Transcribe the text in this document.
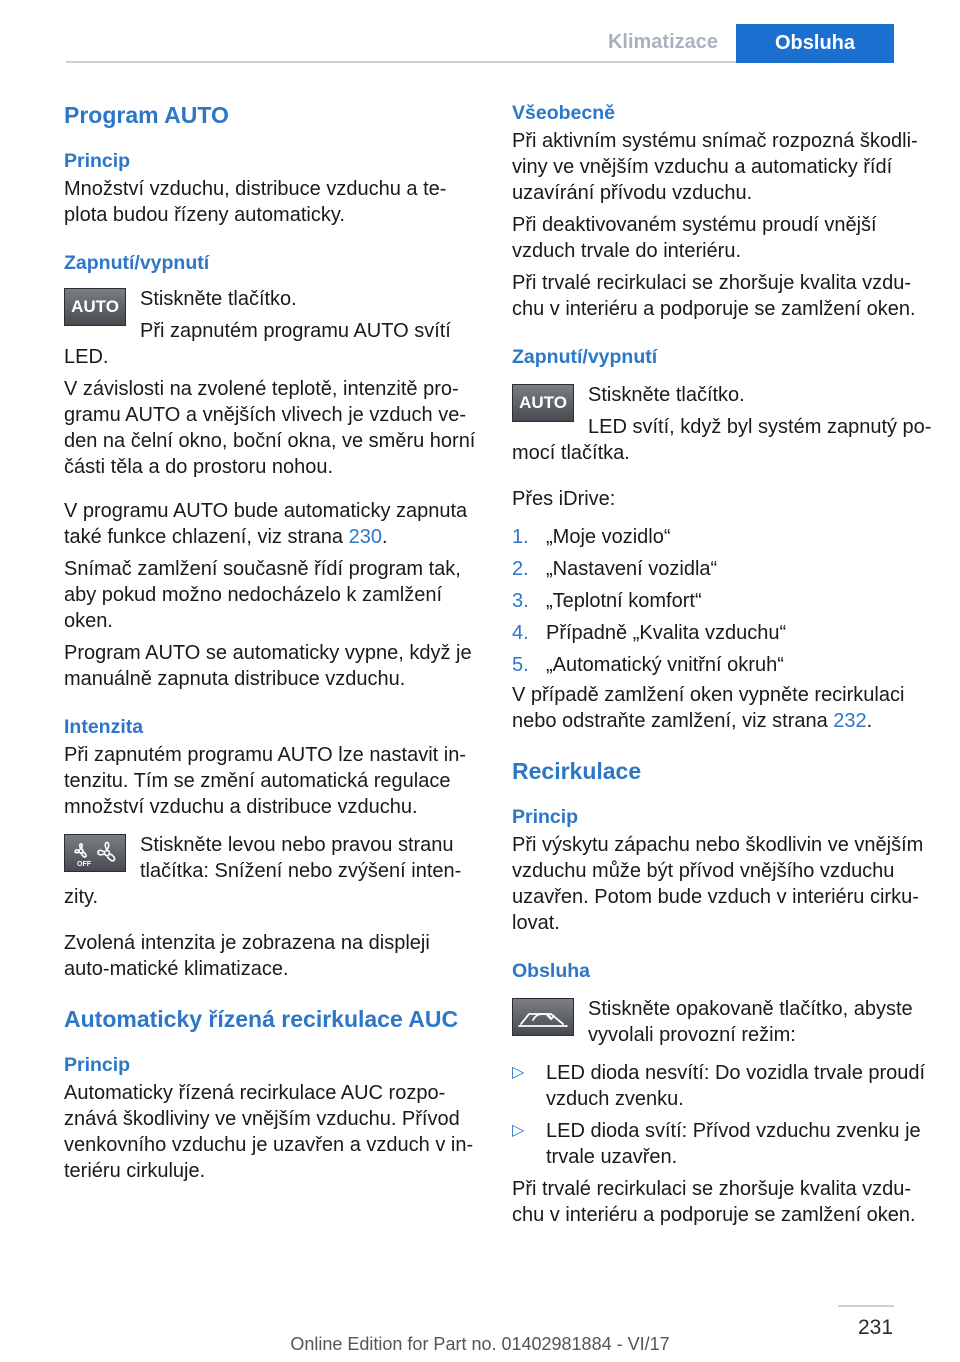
Klimatizace	Obsluha
Program AUTO
Princip

Množství vzduchu, distribuce vzduchu a te-plota budou řízeny automaticky.

Zapnutí/vypnutí
AUTO	Stiskněte tlačítko.

Při zapnutém programu AUTO svítí

LED.

V závislosti na zvolené teplotě, intenzitě pro-gramu AUTO a vnějších vlivech je vzduch ve-den na čelní okno, boční okna, ve směru horní části těla a do prostoru nohou.

V programu AUTO bude automaticky zapnuta také funkce chlazení, viz strana 230.

Snímač zamlžení současně řídí program tak, aby pokud možno nedocházelo k zamlžení oken.

Program AUTO se automaticky vypne, když je manuálně zapnuta distribuce vzduchu.

Intenzita

Při zapnutém programu AUTO lze nastavit in-tenzitu. Tím se změní automatická regulace množství vzduchu a distribuce vzduchu.

OFF

Stiskněte levou nebo pravou stranu

tlačítka: Snížení nebo zvýšení inten-

zity.

Zvolená intenzita je zobrazena na displeji auto-matické klimatizace.

Automaticky řízená recirkulace AUC
Princip

Automaticky řízená recirkulace AUC rozpo-znává škodliviny ve vnějším vzduchu. Přívod venkovního vzduchu je uzavřen a vzduch v in-teriéru cirkuluje.

Všeobecně

Při aktivním systému snímač rozpozná škodli-viny ve vnějším vzduchu a automaticky řídí uzavírání přívodu vzduchu.

Při deaktivovaném systému proudí vnější vzduch trvale do interiéru.

Při trvalé recirkulaci se zhoršuje kvalita vzdu-chu v interiéru a podporuje se zamlžení oken.

Zapnutí/vypnutí
AUTO	Stiskněte tlačítko.

LED svítí, když byl systém zapnutý po-

mocí tlačítka.

Přes iDrive:

1. „Moje vozidlo“
2. „Nastavení vozidla“
3. „Teplotní komfort“
4. Případně „Kvalita vzduchu“
5. „Automatický vnitřní okruh“

V případě zamlžení oken vypněte recirkulaci nebo odstraňte zamlžení, viz strana 232.

Recirkulace
Princip

Při výskytu zápachu nebo škodlivin ve vnějším vzduchu může být přívod vnějšího vzduchu uzavřen. Potom bude vzduch v interiéru cirku-lovat.

Obsluha

Stiskněte opakovaně tlačítko, abyste

vyvolali provozní režim:

▷ LED dioda nesvítí: Do vozidla trvale proudí vzduch zvenku.
▷ LED dioda svítí: Přívod vzduchu zvenku je trvale uzavřen.

Při trvalé recirkulaci se zhoršuje kvalita vzdu-chu v interiéru a podporuje se zamlžení oken.

231
Online Edition for Part no. 01402981884 - VI/17
